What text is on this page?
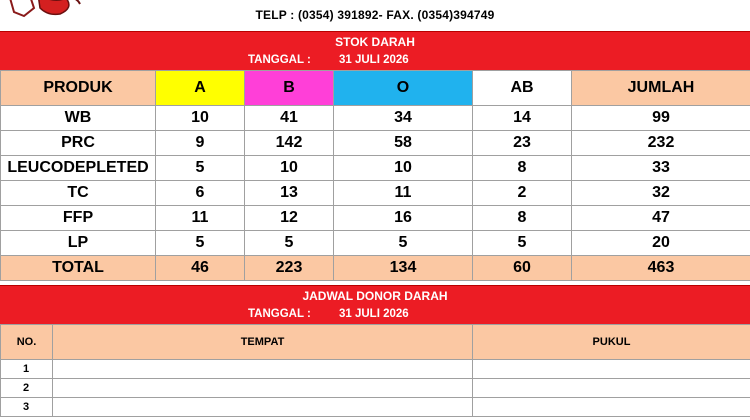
TELP : (0354) 391892- FAX. (0354)394749
STOK DARAH
TANGGAL : 31 JULI 2026
PRODUK	A	B	O	AB	JUMLAH
WB	10	41	34	14	99
PRC	9	142	58	23	232
LEUCODEPLETED	5	10	10	8	33
TC	6	13	11	2	32
FFP	11	12	16	8	47
LP	5	5	5	5	20
TOTAL	46	223	134	60	463
JADWAL DONOR DARAH
TANGGAL : 31 JULI 2026
NO.	TEMPAT	PUKUL
1		
2		
3		
